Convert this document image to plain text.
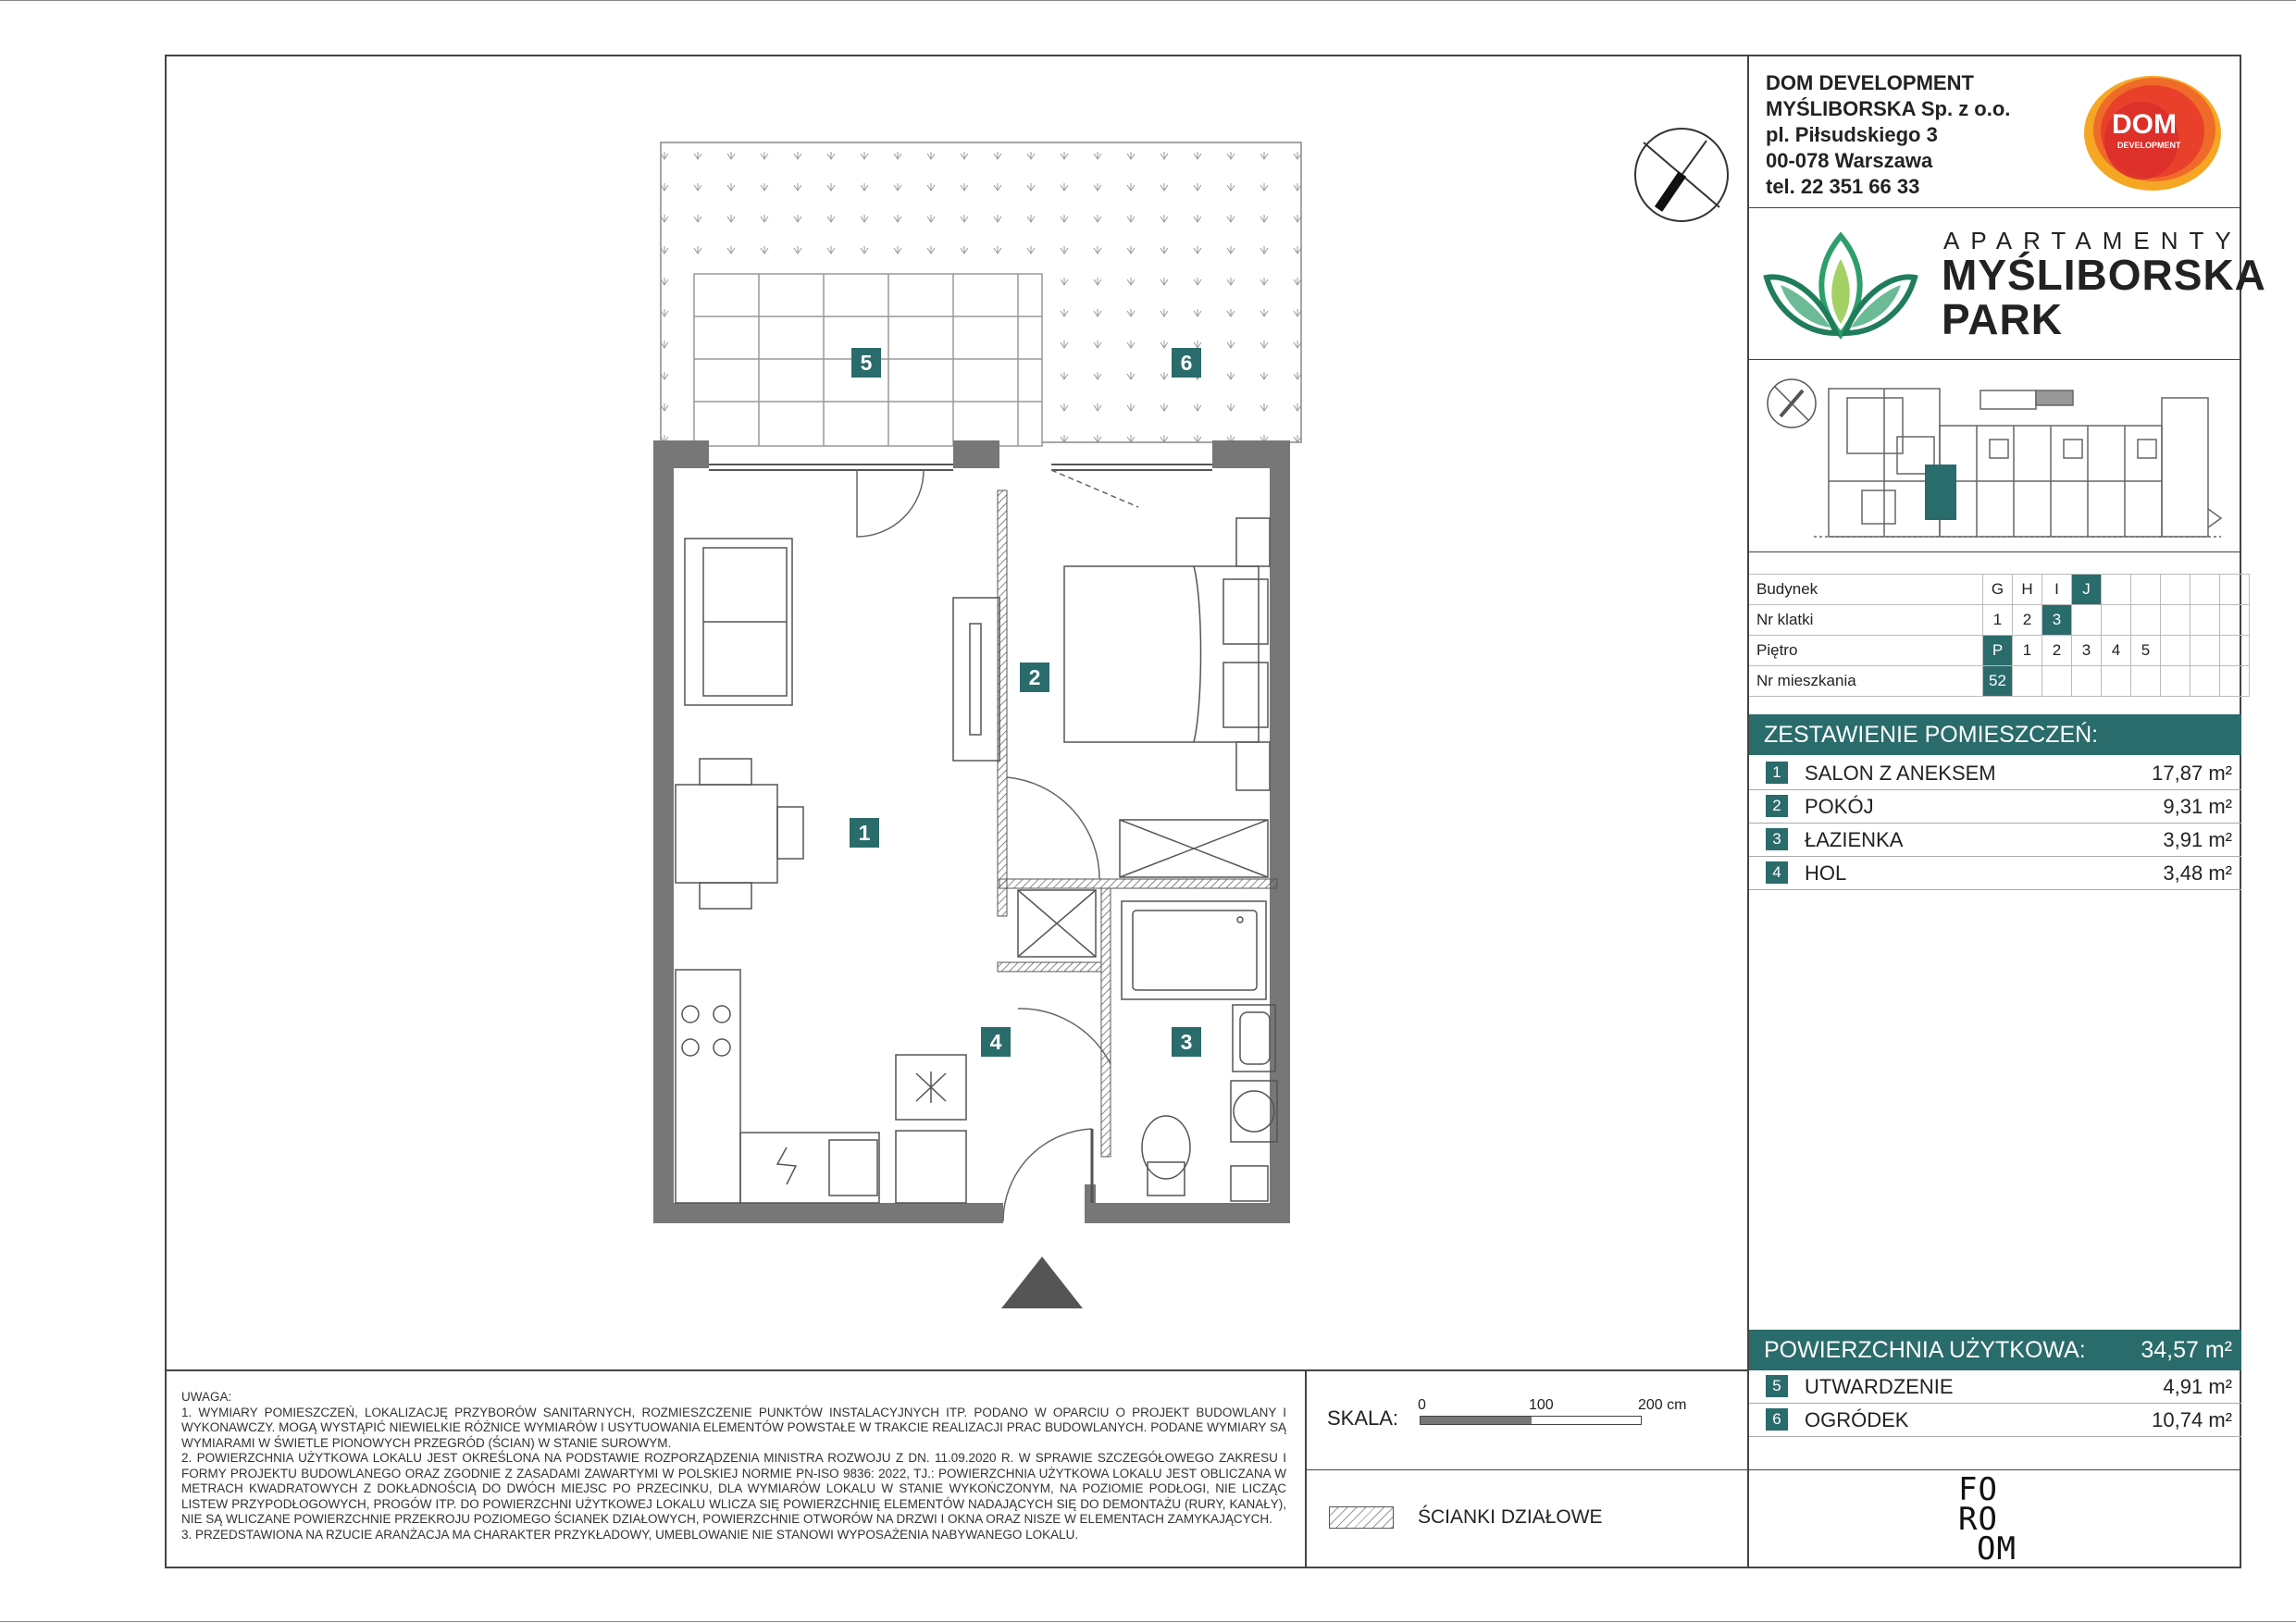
DOM DEVELOPMENT
MYŚLIBORSKA Sp. z o.o.
pl. Piłsudskiego 3
00-078 Warszawa
tel. 22 351 66 33
DOM
DEVELOPMENT
APARTAMENTY
MYŚLIBORSKA
PARK
Budynek	G	H	I	J					
Nr klatki	1	2	3						
Piętro	P	1	2	3	4	5			
Nr mieszkania	52								
ZESTAWIENIE POMIESZCZEŃ:
1	SALON Z ANEKSEM	17,87 m²
2	POKÓJ	9,31 m²
3	ŁAZIENKA	3,91 m²
4	HOL	3,48 m²
POWIERZCHNIA UŻYTKOWA: 34,57 m²
5	UTWARDZENIE	4,91 m²
6	OGRÓDEK	10,74 m²
FO
RO
OM
UWAGA:
1. WYMIARY POMIESZCZEŃ, LOKALIZACJĘ PRZYBORÓW SANITARNYCH, ROZMIESZCZENIE PUNKTÓW INSTALACYJNYCH ITP. PODANO W OPARCIU O PROJEKT BUDOWLANY I WYKONAWCZY. MOGĄ WYSTĄPIĆ NIEWIELKIE RÓŻNICE WYMIARÓW I USYTUOWANIA ELEMENTÓW POWSTAŁE W TRAKCIE REALIZACJI PRAC BUDOWLANYCH. PODANE WYMIARY SĄ WYMIARAMI W ŚWIETLE PIONOWYCH PRZEGRÓD (ŚCIAN) W STANIE SUROWYM.
2. POWIERZCHNIA UŻYTKOWA LOKALU JEST OKREŚLONA NA PODSTAWIE ROZPORZĄDZENIA MINISTRA ROZWOJU Z DN. 11.09.2020 R. W SPRAWIE SZCZEGÓŁOWEGO ZAKRESU I FORMY PROJEKTU BUDOWLANEGO ORAZ ZGODNIE Z ZASADAMI ZAWARTYMI W POLSKIEJ NORMIE PN-ISO 9836: 2022, TJ.: POWIERZCHNIA UŻYTKOWA LOKALU JEST OBLICZANA W METRACH KWADRATOWYCH Z DOKŁADNOŚCIĄ DO DWÓCH MIEJSC PO PRZECINKU, DLA WYMIARÓW LOKALU W STANIE WYKOŃCZONYM, NA POZIOMIE PODŁOGI, NIE LICZĄC LISTEW PRZYPODŁOGOWYCH, PROGÓW ITP. DO POWIERZCHNI UŻYTKOWEJ LOKALU WLICZA SIĘ POWIERZCHNIĘ ELEMENTÓW NADAJĄCYCH SIĘ DO DEMONTAŻU (RURY, KANAŁY), NIE SĄ WLICZANE POWIERZCHNIE PRZEKROJU POZIOMEGO ŚCIANEK DZIAŁOWYCH, POWIERZCHNIE OTWORÓW NA DRZWI I OKNA ORAZ NISZE W ELEMENTACH ZAMYKAJĄCYCH.
3. PRZEDSTAWIONA NA RZUCIE ARANŻACJA MA CHARAKTER PRZYKŁADOWY, UMEBLOWANIE NIE STANOWI WYPOSAŻENIA NABYWANEGO LOKALU.
SKALA:
0	100	200 cm
ŚCIANKI DZIAŁOWE
5	6
2
1
4	3
